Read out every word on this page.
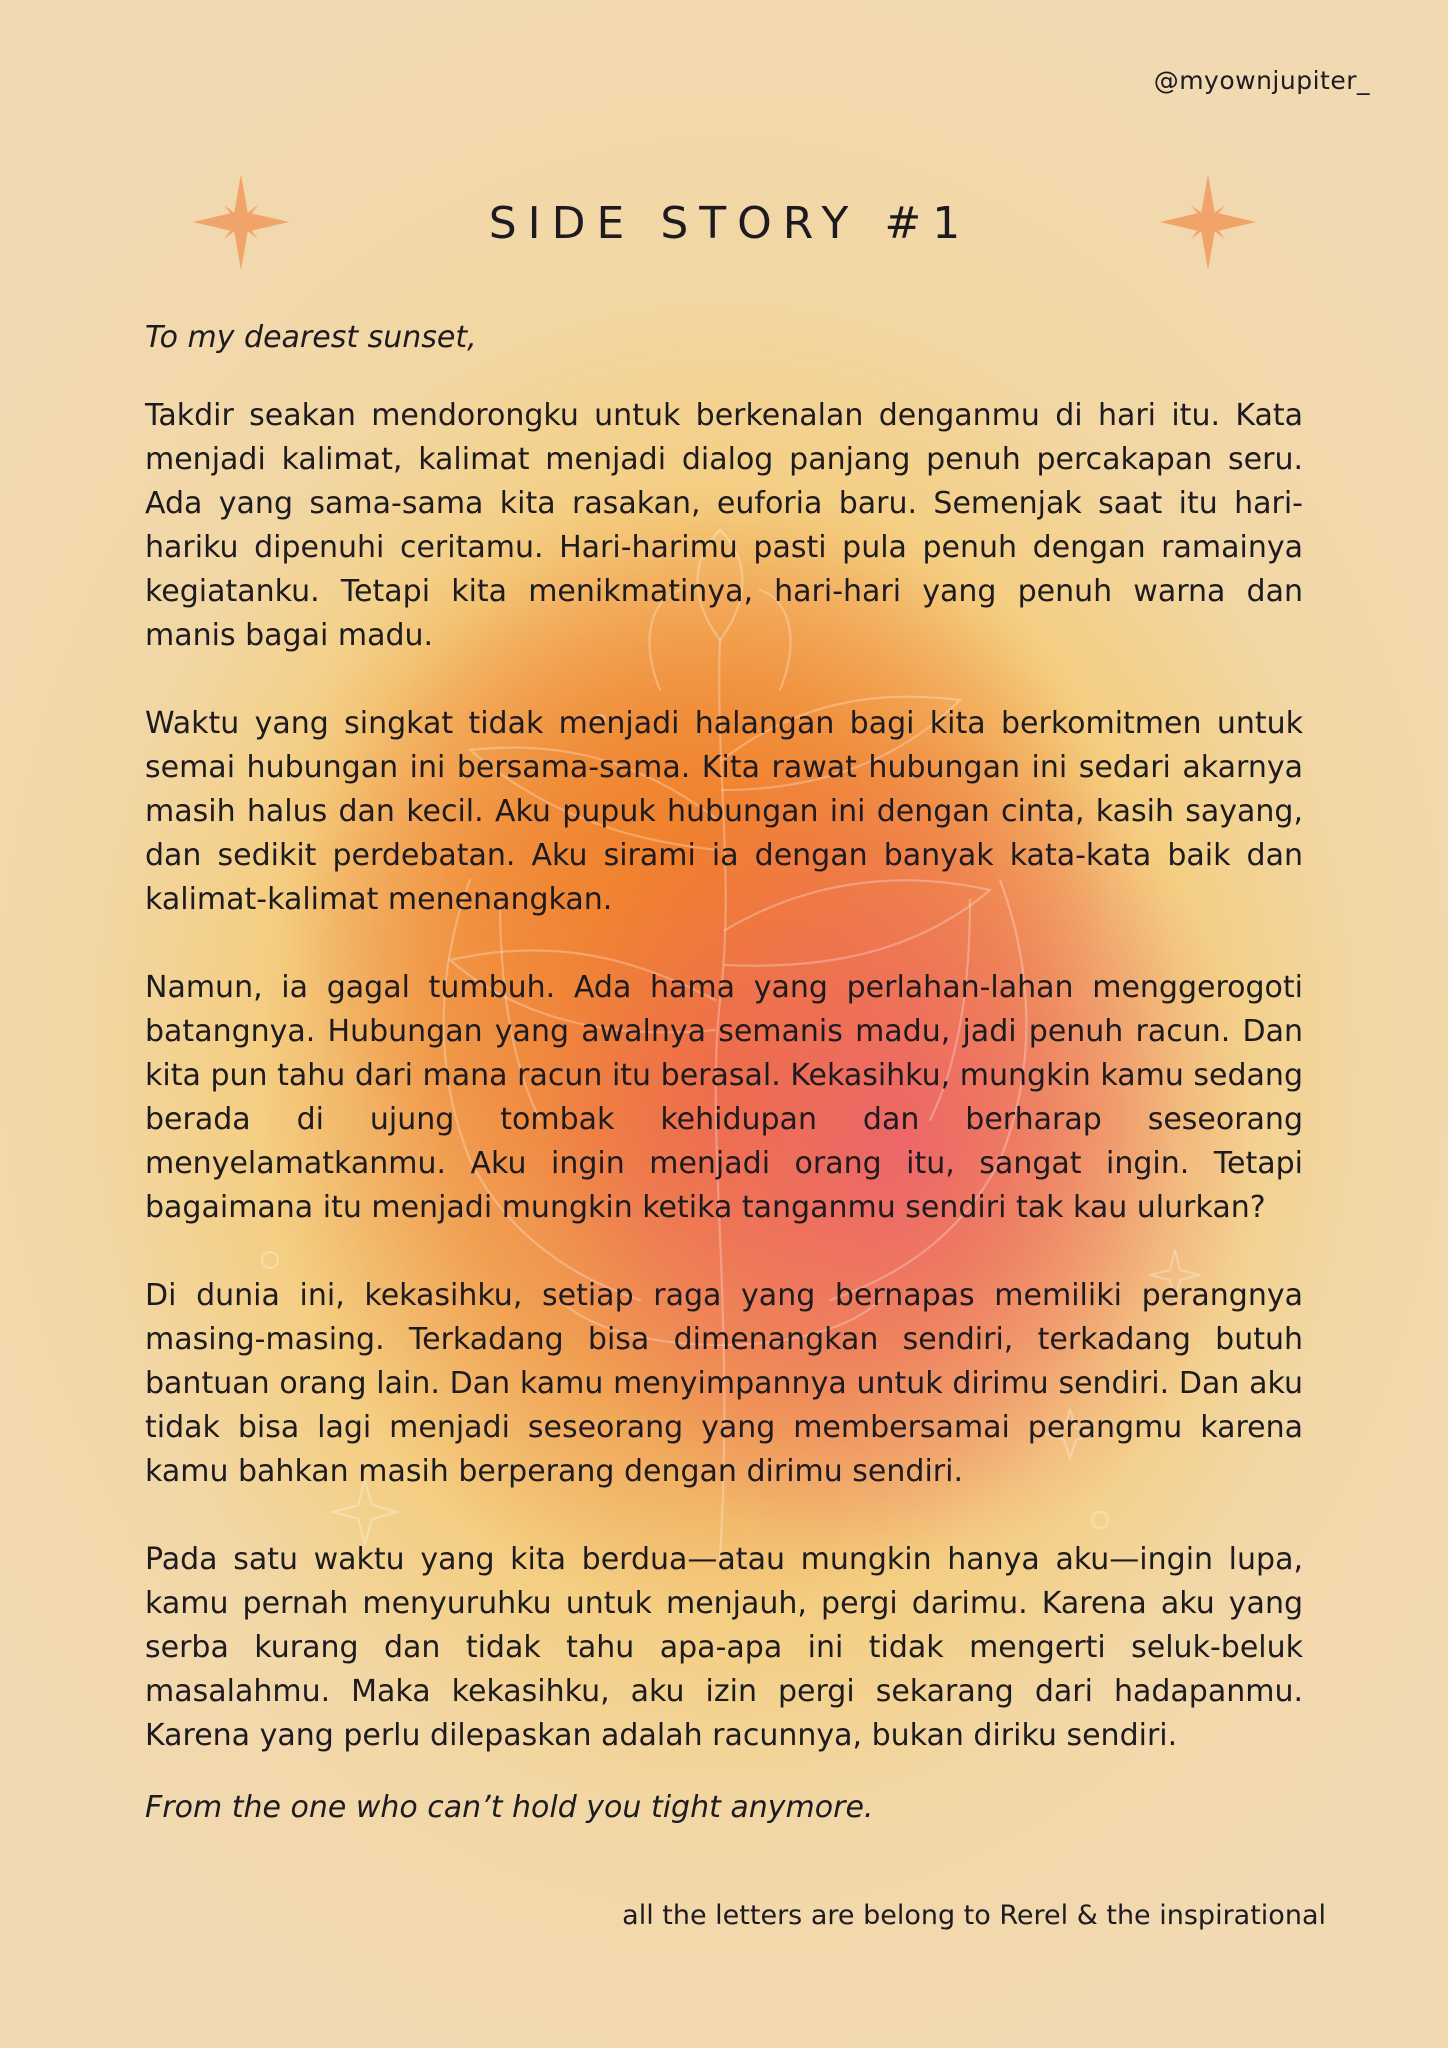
@myownjupiter_
SIDE STORY #1

To my dearest sunset,

Takdir seakan mendorongku untuk berkenalan denganmu di hari itu. Kata menjadi kalimat, kalimat menjadi dialog panjang penuh percakapan seru. Ada yang sama-sama kita rasakan, euforia baru. Semenjak saat itu hari-hariku dipenuhi ceritamu. Hari-harimu pasti pula penuh dengan ramainya kegiatanku. Tetapi kita menikmatinya, hari-hari yang penuh warna dan manis bagai madu.

Waktu yang singkat tidak menjadi halangan bagi kita berkomitmen untuk semai hubungan ini bersama-sama. Kita rawat hubungan ini sedari akarnya masih halus dan kecil. Aku pupuk hubungan ini dengan cinta, kasih sayang, dan sedikit perdebatan. Aku sirami ia dengan banyak kata-kata baik dan kalimat-kalimat menenangkan.

Namun, ia gagal tumbuh. Ada hama yang perlahan-lahan menggerogoti batangnya. Hubungan yang awalnya semanis madu, jadi penuh racun. Dan kita pun tahu dari mana racun itu berasal. Kekasihku, mungkin kamu sedang berada di ujung tombak kehidupan dan berharap seseorang menyelamatkanmu. Aku ingin menjadi orang itu, sangat ingin. Tetapi bagaimana itu menjadi mungkin ketika tanganmu sendiri tak kau ulurkan?

Di dunia ini, kekasihku, setiap raga yang bernapas memiliki perangnya masing-masing. Terkadang bisa dimenangkan sendiri, terkadang butuh bantuan orang lain. Dan kamu menyimpannya untuk dirimu sendiri. Dan aku tidak bisa lagi menjadi seseorang yang membersamai perangmu karena kamu bahkan masih berperang dengan dirimu sendiri.

Pada satu waktu yang kita berdua—atau mungkin hanya aku—ingin lupa, kamu pernah menyuruhku untuk menjauh, pergi darimu. Karena aku yang serba kurang dan tidak tahu apa-apa ini tidak mengerti seluk-beluk masalahmu. Maka kekasihku, aku izin pergi sekarang dari hadapanmu. Karena yang perlu dilepaskan adalah racunnya, bukan diriku sendiri.

From the one who can’t hold you tight anymore.

all the letters are belong to Rerel & the inspirational
